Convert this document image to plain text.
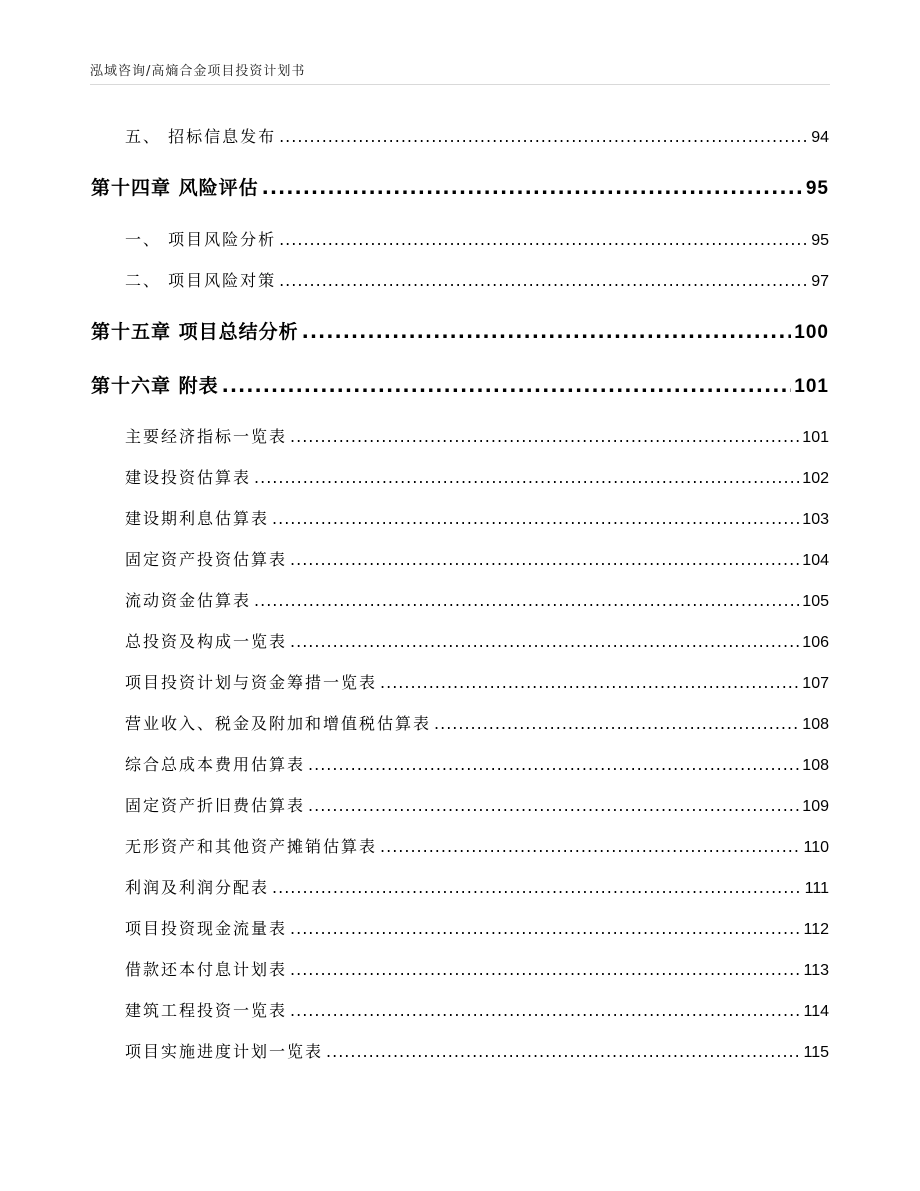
泓域咨询/高熵合金项目投资计划书
五、 招标信息发布 .....	94
第十四章 风险评估 .....	95
一、 项目风险分析 .....	95
二、 项目风险对策 .....	97
第十五章 项目总结分析 .....	100
第十六章 附表 .....	101
主要经济指标一览表 .....	101
建设投资估算表 .....	102
建设期利息估算表 .....	103
固定资产投资估算表 .....	104
流动资金估算表 .....	105
总投资及构成一览表 .....	106
项目投资计划与资金筹措一览表 .....	107
营业收入、税金及附加和增值税估算表 .....	108
综合总成本费用估算表 .....	108
固定资产折旧费估算表 .....	109
无形资产和其他资产摊销估算表 .....	110
利润及利润分配表 .....	111
项目投资现金流量表 .....	112
借款还本付息计划表 .....	113
建筑工程投资一览表 .....	114
项目实施进度计划一览表 .....	115
